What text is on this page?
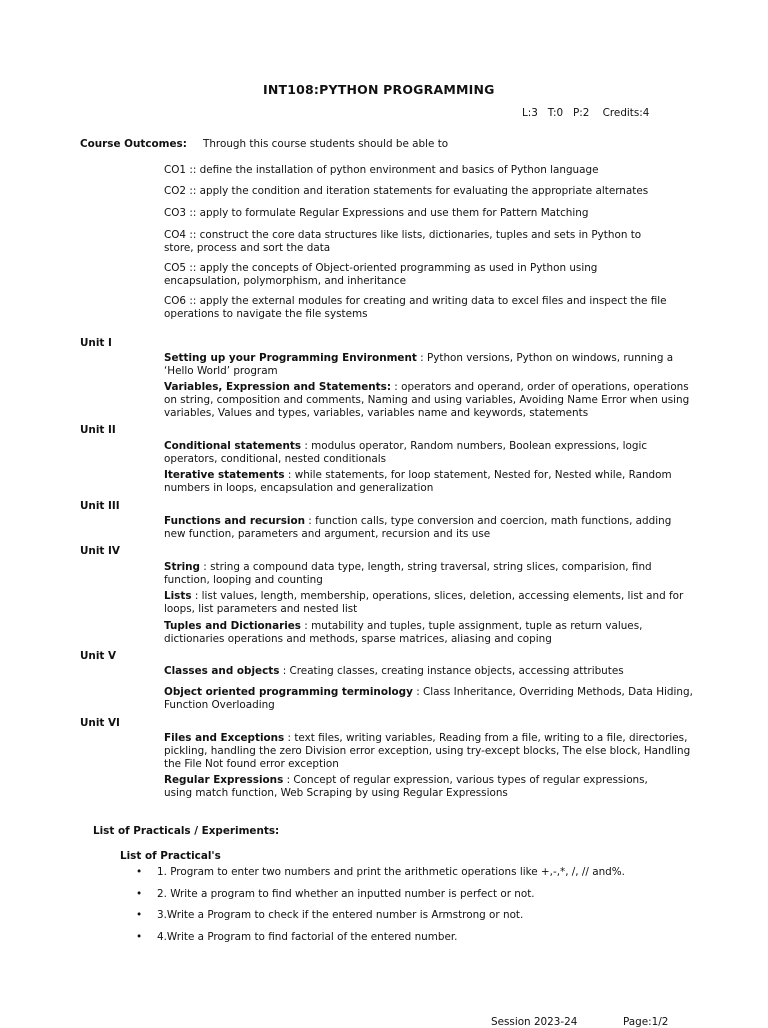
INT108:PYTHON PROGRAMMING
L:3   T:0   P:2    Credits:4
Course Outcomes: Through this course students should be able to
CO1 :: define the installation of python environment and basics of Python language
CO2 :: apply the condition and iteration statements for evaluating the appropriate alternates
CO3 :: apply to formulate Regular Expressions and use them for Pattern Matching
CO4 :: construct the core data structures like lists, dictionaries, tuples and sets in Python to store, process and sort the data
CO5 :: apply the concepts of Object-oriented programming as used in Python using encapsulation, polymorphism, and inheritance
CO6 :: apply the external modules for creating and writing data to excel files and inspect the file operations to navigate the file systems
Unit I
Setting up your Programming Environment : Python versions, Python on windows, running a ‘Hello World’ program
Variables, Expression and Statements: : operators and operand, order of operations, operations on string, composition and comments, Naming and using variables, Avoiding Name Error when using variables, Values and types, variables, variables name and keywords, statements
Unit II
Conditional statements : modulus operator, Random numbers, Boolean expressions, logic operators, conditional, nested conditionals
Iterative statements : while statements, for loop statement, Nested for, Nested while, Random numbers in loops, encapsulation and generalization
Unit III
Functions and recursion : function calls, type conversion and coercion, math functions, adding new function, parameters and argument, recursion and its use
Unit IV
String : string a compound data type, length, string traversal, string slices, comparision, find function, looping and counting
Lists : list values, length, membership, operations, slices, deletion, accessing elements, list and for loops, list parameters and nested list
Tuples and Dictionaries : mutability and tuples, tuple assignment, tuple as return values, dictionaries operations and methods, sparse matrices, aliasing and coping
Unit V
Classes and objects : Creating classes, creating instance objects, accessing attributes
Object oriented programming terminology : Class Inheritance, Overriding Methods, Data Hiding, Function Overloading
Unit VI
Files and Exceptions : text files, writing variables, Reading from a file, writing to a file, directories, pickling, handling the zero Division error exception, using try-except blocks, The else block, Handling the File Not found error exception
Regular Expressions : Concept of regular expression, various types of regular expressions, using match function, Web Scraping by using Regular Expressions
List of Practicals / Experiments:
List of Practical's
• 1. Program to enter two numbers and print the arithmetic operations like +,-,*, /, // and%.
• 2. Write a program to find whether an inputted number is perfect or not.
• 3.Write a Program to check if the entered number is Armstrong or not.
• 4.Write a Program to find factorial of the entered number.
Session 2023-24	Page:1/2
